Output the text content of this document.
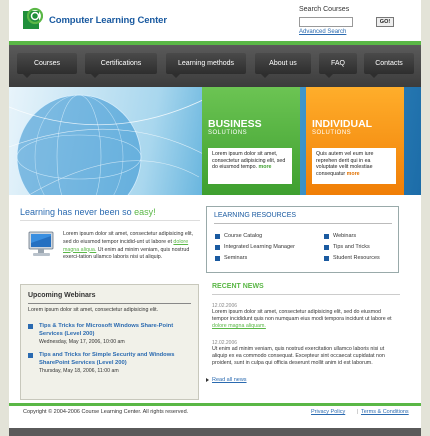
Computer Learning Center
Search Courses
GO!
Advanced Search
Courses	Certifications	Learning methods	About us	FAQ	Contacts
BUSINESS
SOLUTIONS
Lorem ipsum dolor sit amet, consectetur adipisicing elit, sed do eiusmod tempo. more
INDIVIDUAL
SOLUTIONS
Quis autem vel eum iure reprehen derit qui in ea voluptate velit molestiae consequatur more
Learning has never been so easy!
Lorem ipsum dolor sit amet, consectetur adipisicing elit, sed do eiusmod tempor incidid-unt ut labore et dolore magna aliqua. Ut enim ad minim veniam, quis nostrud exerci-tation ullamco laboris nisi ut aliquip.
Upcoming Webinars
Lorem ipsum dolor sit amet, consectetur adipisicing elit.
Tips & Tricks for Microsoft Windows Share-Point Services (Level 200)
Wednesday, May 17, 2006, 10:00 am
Tips and Tricks for Simple Security and Windows SharePoint Services (Level 200)
Thursday, May 18, 2006, 11:00 am
LEARNING RESOURCES
Course Catalog
Integrated Learning Manager
Seminars
Webinars
Tips and Tricks
Student Resources
RECENT NEWS
12.02.2006
Lorem ipsum dolor sit amet, consectetur adipisicing elit, sed do eiusmod tempor incididunt quis non numquam eius modi tempora incidunt ut labore et dolore magna aliquam.
12.02.2006
Ut enim ad minim veniam, quis nostrud exercitation ullamco laboris nisi ut aliquip ex ea commodo consequat. Excepteur sint occaecat cupidatat non proident, sunt in culpa qui officia deserunt mollit anim id est laborum.
Read all news
Copyright © 2004-2006 Course Learning Center. All rights reserved.	Privacy Policy | Terms & Conditions
